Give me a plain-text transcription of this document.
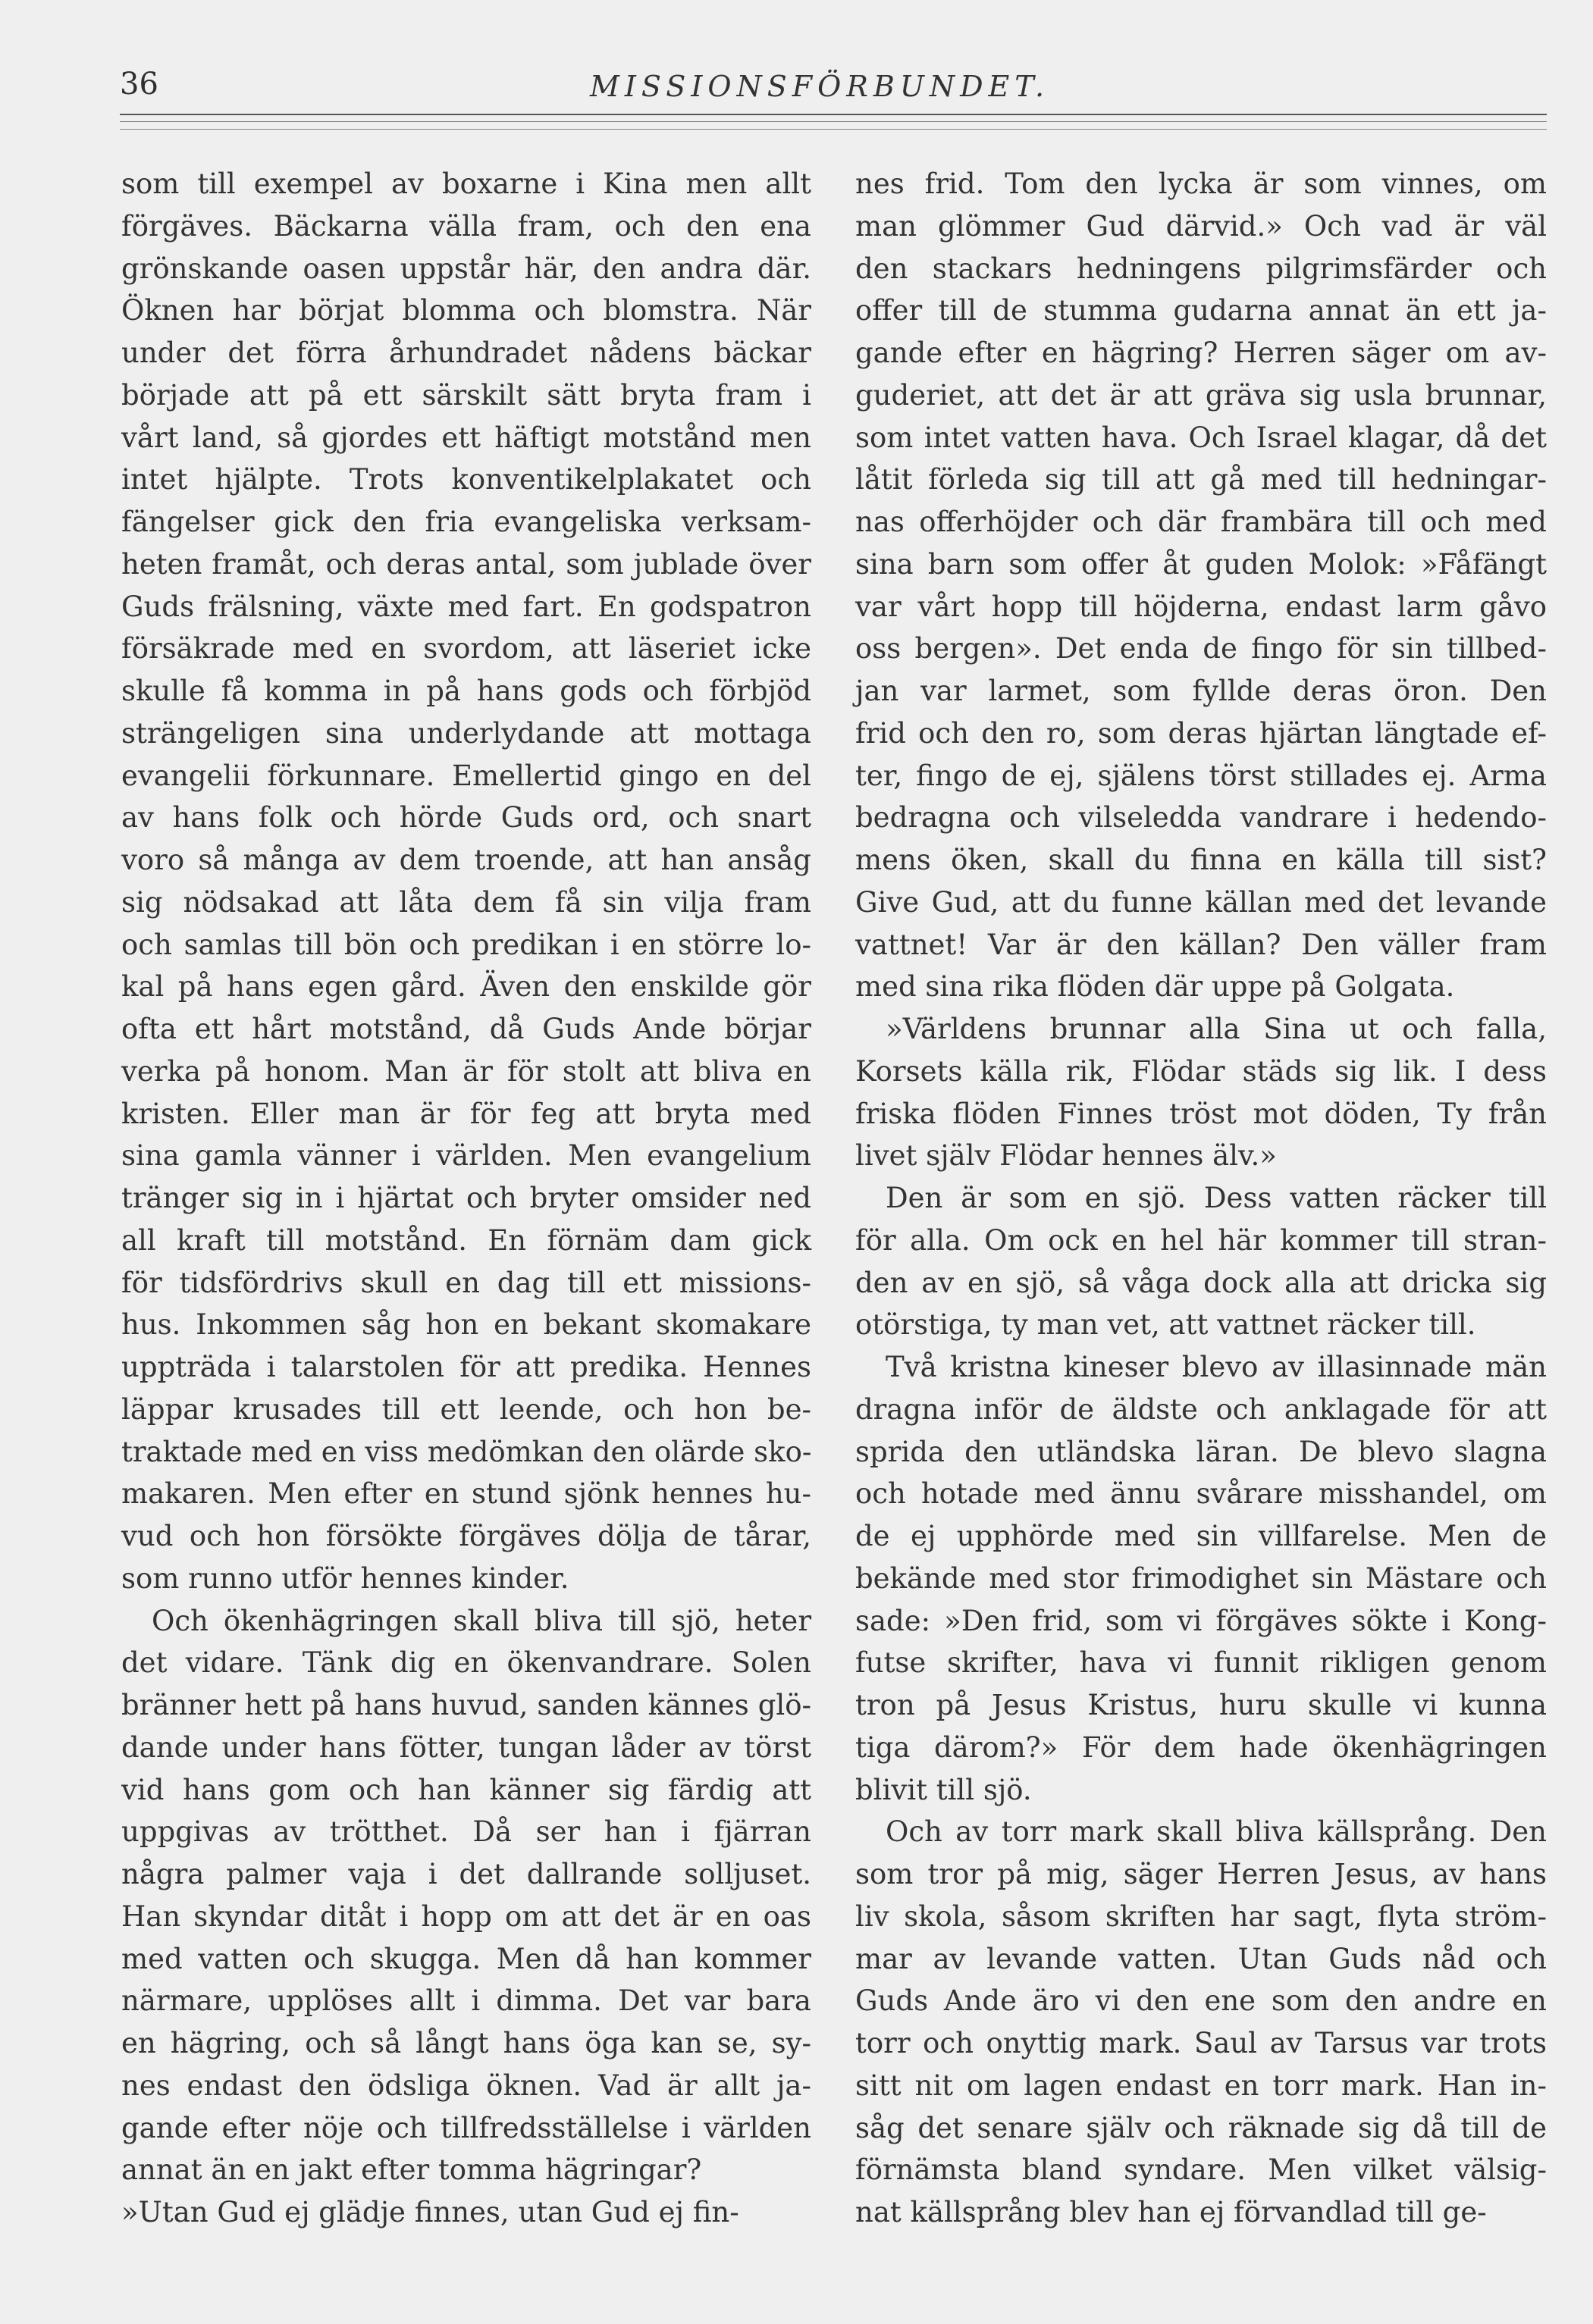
36	MISSIONSFÖRBUNDET.
som till exempel av boxarne i Kina men allt
förgäves. Bäckarna välla fram, och den ena
grönskande oasen uppstår här, den andra där.
Öknen har börjat blomma och blomstra. När
under det förra århundradet nådens bäckar
började att på ett särskilt sätt bryta fram i
vårt land, så gjordes ett häftigt motstånd men
intet hjälpte. Trots konventikelplakatet och
fängelser gick den fria evangeliska verksam-
heten framåt, och deras antal, som jublade över
Guds frälsning, växte med fart. En godspatron
försäkrade med en svordom, att läseriet icke
skulle få komma in på hans gods och förbjöd
strängeligen sina underlydande att mottaga
evangelii förkunnare. Emellertid gingo en del
av hans folk och hörde Guds ord, och snart
voro så många av dem troende, att han ansåg
sig nödsakad att låta dem få sin vilja fram
och samlas till bön och predikan i en större lo-
kal på hans egen gård. Även den enskilde gör
ofta ett hårt motstånd, då Guds Ande börjar
verka på honom. Man är för stolt att bliva en
kristen. Eller man är för feg att bryta med
sina gamla vänner i världen. Men evangelium
tränger sig in i hjärtat och bryter omsider ned
all kraft till motstånd. En förnäm dam gick
för tidsfördrivs skull en dag till ett missions-
hus. Inkommen såg hon en bekant skomakare
uppträda i talarstolen för att predika. Hennes
läppar krusades till ett leende, och hon be-
traktade med en viss medömkan den olärde sko-
makaren. Men efter en stund sjönk hennes hu-
vud och hon försökte förgäves dölja de tårar,
som runno utför hennes kinder.
Och ökenhägringen skall bliva till sjö, heter
det vidare. Tänk dig en ökenvandrare. Solen
bränner hett på hans huvud, sanden kännes glö-
dande under hans fötter, tungan låder av törst
vid hans gom och han känner sig färdig att
uppgivas av trötthet. Då ser han i fjärran
några palmer vaja i det dallrande solljuset.
Han skyndar ditåt i hopp om att det är en oas
med vatten och skugga. Men då han kommer
närmare, upplöses allt i dimma. Det var bara
en hägring, och så långt hans öga kan se, sy-
nes endast den ödsliga öknen. Vad är allt ja-
gande efter nöje och tillfredsställelse i världen
annat än en jakt efter tomma hägringar?
»Utan Gud ej glädje finnes, utan Gud ej fin-
nes frid. Tom den lycka är som vinnes, om
man glömmer Gud därvid.» Och vad är väl
den stackars hedningens pilgrimsfärder och
offer till de stumma gudarna annat än ett ja-
gande efter en hägring? Herren säger om av-
guderiet, att det är att gräva sig usla brunnar,
som intet vatten hava. Och Israel klagar, då det
låtit förleda sig till att gå med till hedningar-
nas offerhöjder och där frambära till och med
sina barn som offer åt guden Molok: »Fåfängt
var vårt hopp till höjderna, endast larm gåvo
oss bergen». Det enda de fingo för sin tillbed-
jan var larmet, som fyllde deras öron. Den
frid och den ro, som deras hjärtan längtade ef-
ter, fingo de ej, själens törst stillades ej. Arma
bedragna och vilseledda vandrare i hedendo-
mens öken, skall du finna en källa till sist?
Give Gud, att du funne källan med det levande
vattnet! Var är den källan? Den väller fram
med sina rika flöden där uppe på Golgata.
»Världens brunnar alla Sina ut och falla,
Korsets källa rik, Flödar städs sig lik. I dess
friska flöden Finnes tröst mot döden, Ty från
livet själv Flödar hennes älv.»
Den är som en sjö. Dess vatten räcker till
för alla. Om ock en hel här kommer till stran-
den av en sjö, så våga dock alla att dricka sig
otörstiga, ty man vet, att vattnet räcker till.
Två kristna kineser blevo av illasinnade män
dragna inför de äldste och anklagade för att
sprida den utländska läran. De blevo slagna
och hotade med ännu svårare misshandel, om
de ej upphörde med sin villfarelse. Men de
bekände med stor frimodighet sin Mästare och
sade: »Den frid, som vi förgäves sökte i Kong-
futse skrifter, hava vi funnit rikligen genom
tron på Jesus Kristus, huru skulle vi kunna
tiga därom?» För dem hade ökenhägringen
blivit till sjö.
Och av torr mark skall bliva källsprång. Den
som tror på mig, säger Herren Jesus, av hans
liv skola, såsom skriften har sagt, flyta ström-
mar av levande vatten. Utan Guds nåd och
Guds Ande äro vi den ene som den andre en
torr och onyttig mark. Saul av Tarsus var trots
sitt nit om lagen endast en torr mark. Han in-
såg det senare själv och räknade sig då till de
förnämsta bland syndare. Men vilket välsig-
nat källsprång blev han ej förvandlad till ge-
